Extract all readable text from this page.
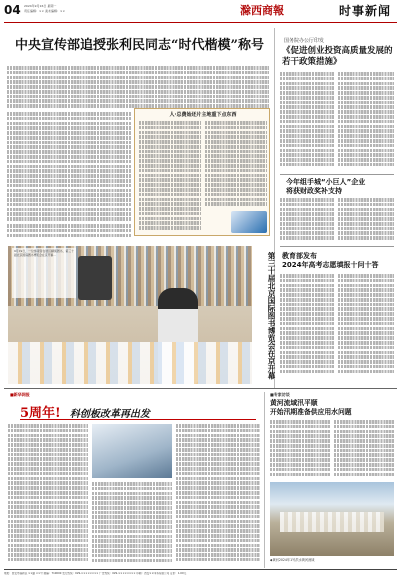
04 2024年9月16日 星期一
责任编辑：×× 美术编辑：××	滁西商報	时事新闻
中央宣传部追授张利民同志“时代楷模”称号
人·总费始还片主地重下点东西
国务院办公厅印发
《促进创业投资高质量发展的若干政策措施》
今年组手城“小巨人”企业
将获财政奖补支持
9月19日，一位参观者在展区翻阅图书，第三十届北京国际图书博览会在京开幕...	第三十届北京国际图书博览会在京开幕 教育部发布
2024年高考志愿填报十问十答
■新华网报
5周年! 科创板改革再出发
■专家访谈
黄河流域汛平顺
开始汛期准备供应用水问题
◆黄河2024年1号洪水黄河流域
地址：西安市高新区 ××路 ××号 邮编：710000 发行热线：029-×××××××× 广告热线：029-×××××××× 印刷：西安××印务有限公司 定价：1.00元
